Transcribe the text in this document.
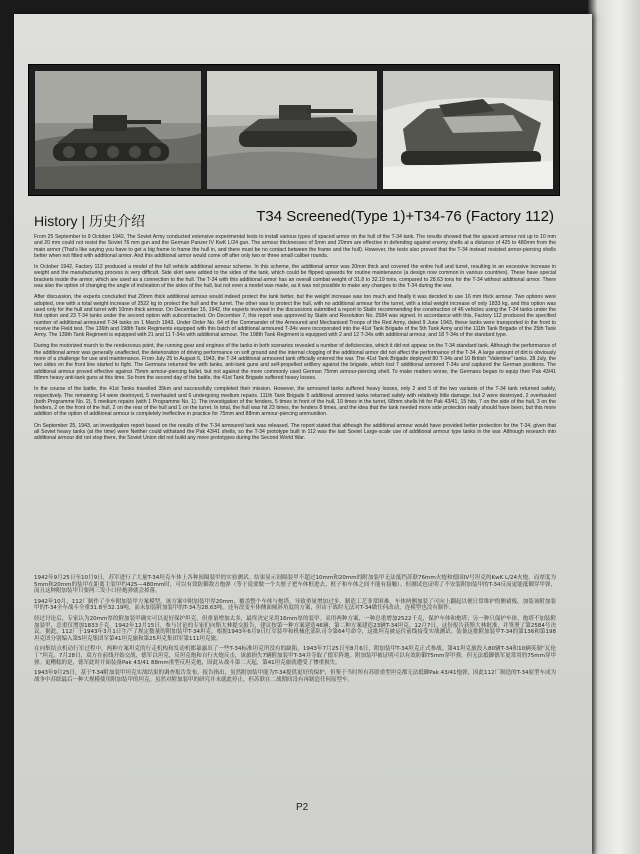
History | 历史介绍	T34 Screened(Type 1)+T34-76 (Factory 112)

From 25 September to 9 October 1942, The Soviet Army conducted extensive experimental tests to install various types of spaced armor on the hull of the T-34 tank. The results showed that the spaced armour not up to 10 mm and 20 mm could not resist the Soviet 76 mm gun and the German Panzer IV KwK L/24 gun. The armour thicknesses of 5mm and 20mm are effective in defending against enemy shells at a distance of 425 to 480mm from the main armor (That's like saying you have to get a big frame to frame the hull in, and there must be no contact between the frame and the hull). However, the tests also proved that the T-34 instead resisted armor-piercing shells better when not fitted with additional armor. And this additional armor would come off after only two or three small caliber rounds.

In October 1942, Factory 112 produced a model of the full vehicle additional armour scheme. In this scheme, the additional armor was 20mm thick and covered the entire hull and turret, resulting in an excessive increase in weight and the manufacturing process is very difficult. Side skirt were added to the sides of the tank, which could be flipped upwards for routine maintenance (a design now common in various countries). These have special brackets inside the armor, which are used as a connection to the hull. The T-34 with this additional armor has an overall combat weight of 31.8 to 32.19 tons, compared to 28.63 tons for the T-34 without additional armor. There was also the option of changing the angle of inclination of the sides of the hull, but not even a model was made, as it was not possible to make any changes to the T-34 during the war.

After discussion, the experts concluded that 20mm thick additional armour would indeed protect the tank better, but the weight increase was too much and finally it was decided to use 16 mm thick armour. Two options were adopted, one with a total weight increase of 2522 kg to protect the hull and the turret. The other was to protect the hull, with no additional armour for the turret, with a total weight increase of only 1833 kg, and this option was used only for the hull and turret with 10mm thick armour. On December 15, 1942, the experts involved in the discussions submitted a report to Stalin recommending the construction of 46 vehicles using the T-34 tanks under the first option and 23 T-34 tanks under the second option with subcontracted. On December 7, this report was approved by Stalin and Resolution No. 2584 was signed. In accordance with this, Factory 112 produced the specified number of additional armoured T-34 tanks on 1 March 1943. Under Order No. 64 of the Commander of the Armoured and Mechanised Troops of the Red Army, dated 9 June 1943, these tanks were transported to the front to receive the Field test. The 136th and 198th Tank Regiments equipped with this batch of additional armoured T-34s were incorporated into the 41st Tank Brigade of the 5th Tank Army and the 111th Tank Brigade of the 25th Tank Army. The 139th Tank Regiment is equipped with 21 and 11 T-34s with additional armour. The 198th Tank Regiment is equipped with 2 and 12 T-34s with additional armour, and 18 T-34s of the standard type.

During the motorized march to the rendezvous point, the running gear and engines of the tanks in both scenarios revealed a number of deficiencies, which it did not appear on the T-34 standard tank. Although the performance of the additional armor was generally unaffected, the deterioration of driving performance on soft ground and the internal clogging of the additional armor did not affect the performance of the T-34. A large amount of dirt is obviously more of a challenge for use and maintenance. From July 25 to August 6, 1943, the T-34 additional armoured tank officially entered the war. The 41st Tank Brigade deployed 80 T-34s and 10 British "Valentine" tanks. 28 July, the two sides on the front line started to fight. The Germans returned fire with tanks, anti-tank guns and self-propelled artillery against the brigade, which lost 7 additional armored T-34s and captured the German positions. The additional armour proved effective against 75mm armour-piercing bullet, but not against the more commonly used German 75mm armour-piercing shell. To make matters worse, the Germans began to equip their Pak 43/41 88mm heavy anti-tank guns at this time. So from the second day of the battle, the 41st Tank Brigade suffered heavy losses.

In the course of the battle, the 41st Tanks travelled 35km and successfully completed their mission. However, the armoured tanks suffered heavy losses, only 2 and 5 of the two variants of the T-34 tank returned safely, respectively. The remaining 14 were destroyed, 5 overhauled and 6 undergoing medium repairs. 111th Tank Brigade 5 additional armored tanks returned safely with relatively little damage, but 2 were destroyed, 2 overhauled (both Programme No. 2), 5 medium repairs (with 1 Programme No. 1). The investigation of the fenders, 5 times in front of the hull, 10 times in the turret, 68mm shells hit for Pak 43/41, 15 hits, 7 on the side of the hull, 3 on the fenders, 2 on the front of the hull, 2 on the rear of the hull and 1 on the turret. In total, the hull was hit 23 times, the fenders 8 times, and the idea that the tank needed more side protection really should have been, but this more addition of the option of additional armour is completely ineffective in practice for 75mm and 88mm armour-piercing ammunition.

On September 25, 1943, an investigation report based on the results of the T-34 armoured tank was released. The report stated that although the additional armour would have provided better protection for the T-34, given that all Soviet heavy tanks (at the time) were Neither could withstand the Pak 43/41 shells, so the T-34 prototype built in 112 was the last Soviet Large-scale use of additional armour type tanks in the war. Although research into additional armour did not stop there, the Soviet Union did not build any more prototypes during the Second World War.

1942年9月25日至10月9日，苏军进行了大量T-34坦克车体上各种间隔装甲的实验测试。结果显示间隔装甲不超过10mm和20mm的附加装甲无法抵挡苏联76mm火炮和德国IV号坦克的KwK L/24火炮。而厚度为5mm和20mm的装甲在距离主装甲约425—480mm时，可以有效防御敌方炮弹（等于说要做一个大框子把车体框进去，框子和车体之间不能有接触）。但测试也证明了不安装附加装甲的T-34反而更能抵御穿甲弹，而且这种附加装甲只要两三发小口径炮弹就会掉落。

1942年10月，112厂制作了全车附加装甲方案模型。该方案中附加装甲厚20mm，覆盖整个车体与炮塔，导致重量增加过多，制造工艺非常困难。车体两侧加装了可向上翻起以便日常维护的侧裙板。加装该附加装甲的T-34全车战斗全重31.8至32.19吨，而未加装附加装甲的T-34为28.63吨。还有改变车体侧面倾斜角度的方案，但由于战时无法对T-34做任何改动，连模型也没有制作。

经过讨论后，专家认为20mm厚的附加装甲确实可以更好保护坦克，但重量增加太多，最终决定采用16mm厚的装甲。采用两种方案，一种总重增加2522千克，保护车体和炮塔；另一种只保护车体，炮塔不加装附加装甲，总重仅增加1833千克。1942年12月15日，参与讨论的专家们向斯大林提交报告，建议按第一种方案建造46辆、第二种方案建造23辆T-34坦克。12月7日，这份报告获斯大林批准，并签署了第2584号决议。据此，112厂于1943年3月1日生产了规定数量的附加装甲T-34坦克。根据1943年6月9日红军装甲和机械化部队司令第64号命令，这批坦克被运往前线接受实战测试。装备这批附加装甲T-34的第136和第198坦克团分别编入第5坦克集团军第41坦克旅和第25坦克集团军第111坦克旅。

在向集结点机动行军过程中，两种方案坦克的行走机构和发动机都暴露出了一些T-34标准坦克所没有的缺陷。1943年7月25日至8月6日，附加装甲T-34坦克正式参战。第41坦克旅投入80辆T-34和10辆英制“瓦伦丁”坦克。7月28日，双方在前线开始交战，德军以坦克、反坦克炮和自行火炮反击，该旅损失7辆附加装甲T-34并夺取了德军阵地。附加装甲被证明可以有效防御75mm穿甲弹，但无法抵御德军更常用的75mm穿甲弹。更糟糕的是，德军此时开始装备Pak 43/41 88mm重型反坦克炮，因此从战斗第二天起，第41坦克旅就遭受了惨重损失。

1943年9月25日，基于T-34附加装甲坦克实战结果的调查报告发布。报告指出，虽然附加装甲能为T-34提供更好的保护，但鉴于当时所有苏联重型坦克都无法抵御Pak 43/41炮弹，因此112厂制造的T-34原型车成为战争中苏联最后一种大规模使用附加装甲的坦克。虽然对附加装甲的研究并未就此停止，但苏联在二战期间没有再制造任何原型车。

P2
